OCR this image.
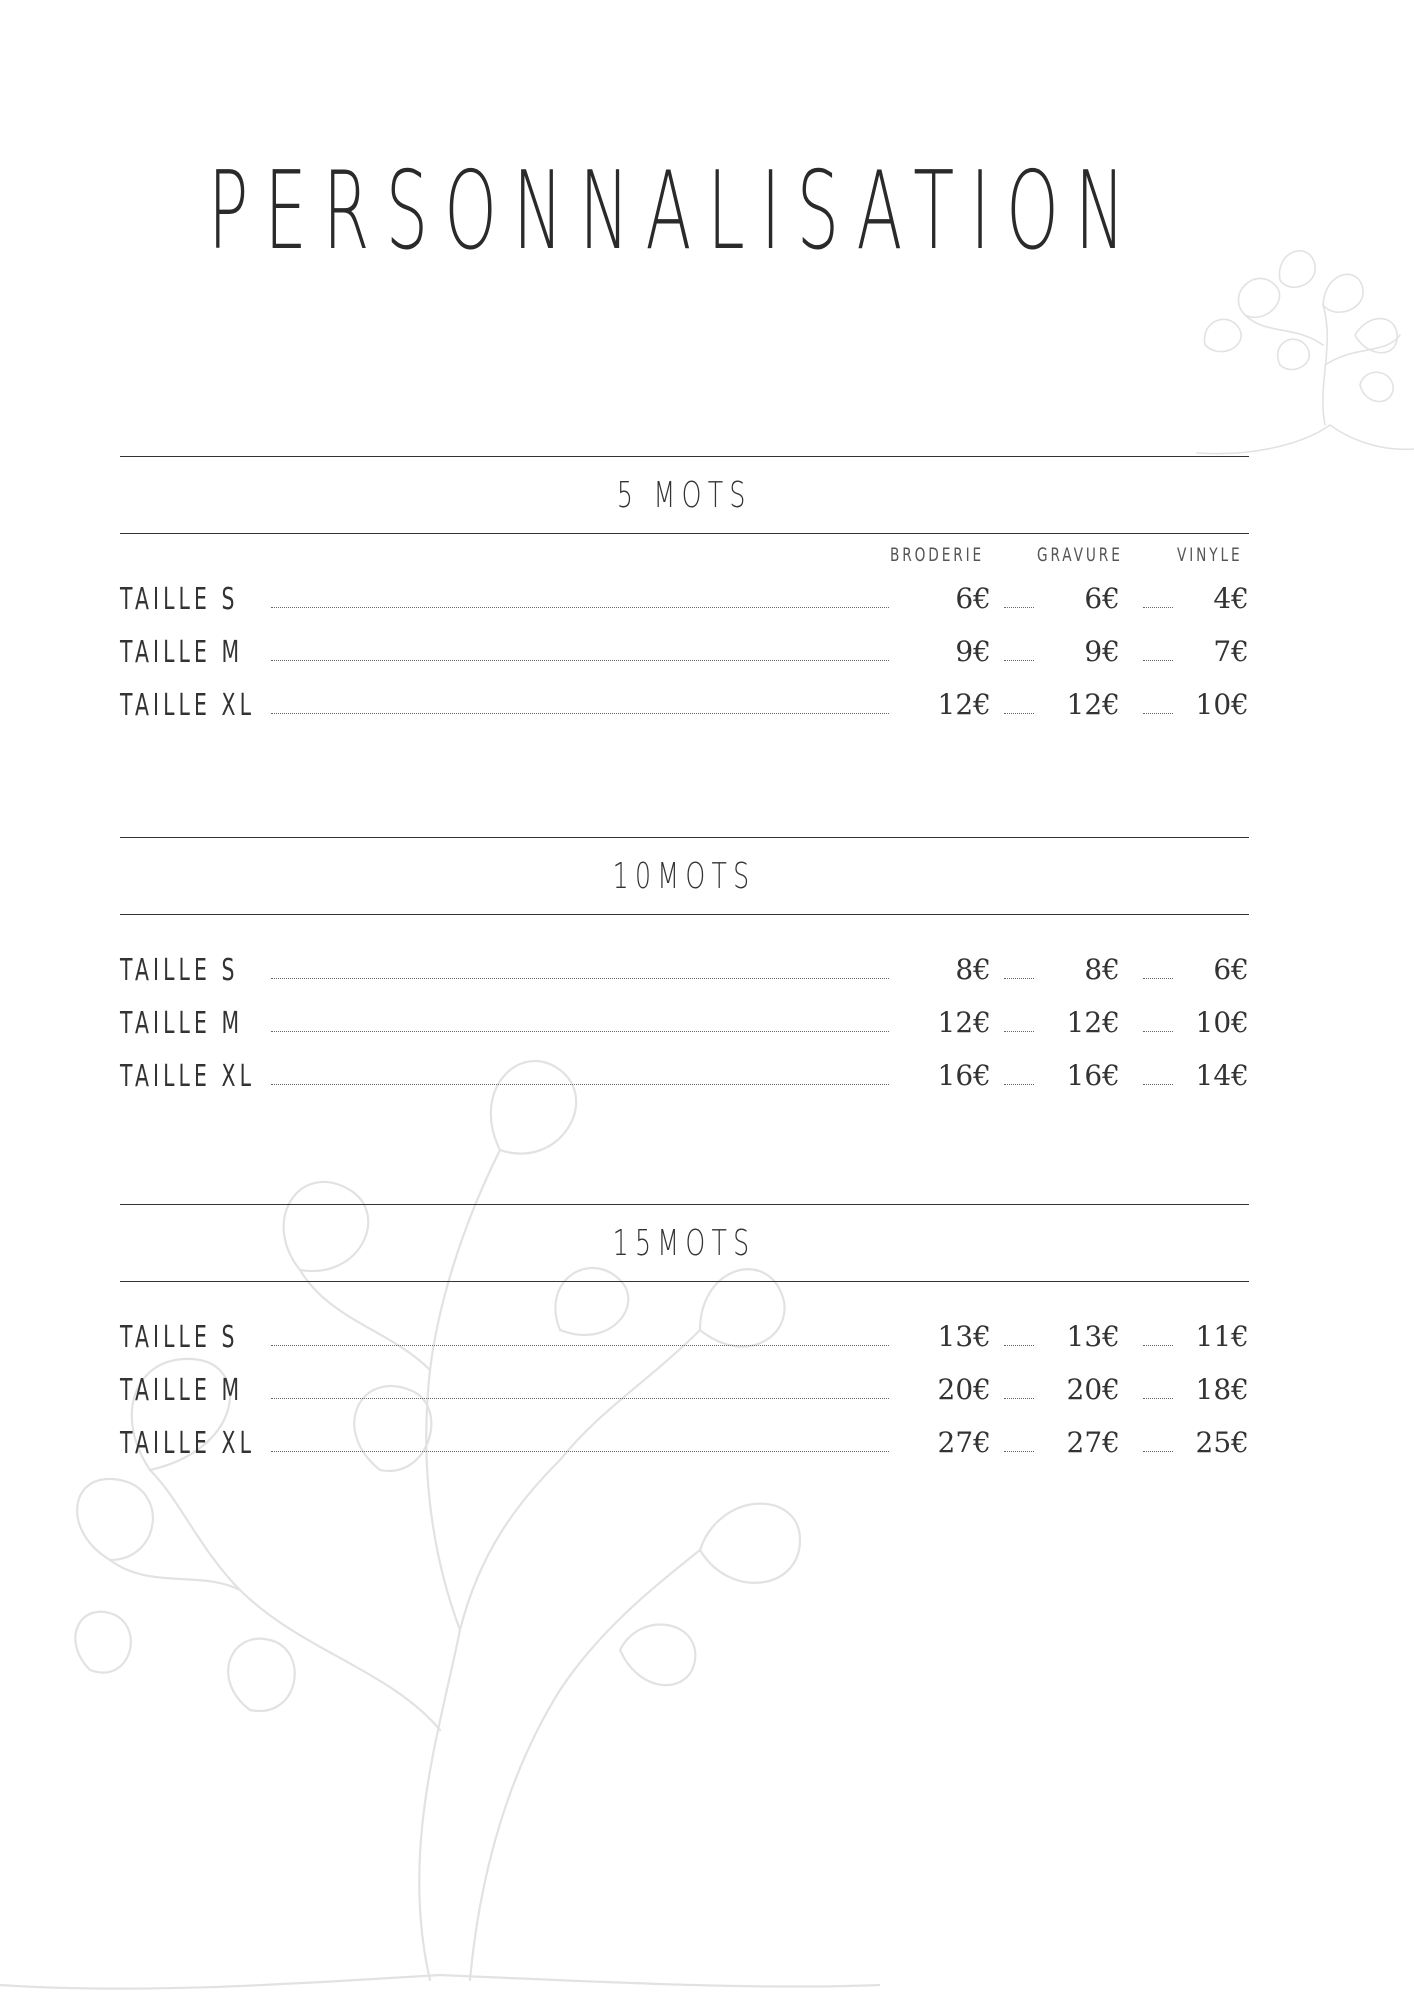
PERSONNALISATION
5 MOTS
BRODERIE	GRAVURE	VINYLE
TAILLE S	6€	6€	4€
TAILLE M	9€	9€	7€
TAILLE XL	12€	12€	10€
10MOTS
TAILLE S	8€	8€	6€
TAILLE M	12€	12€	10€
TAILLE XL	16€	16€	14€
15MOTS
TAILLE S	13€	13€	11€
TAILLE M	20€	20€	18€
TAILLE XL	27€	27€	25€
